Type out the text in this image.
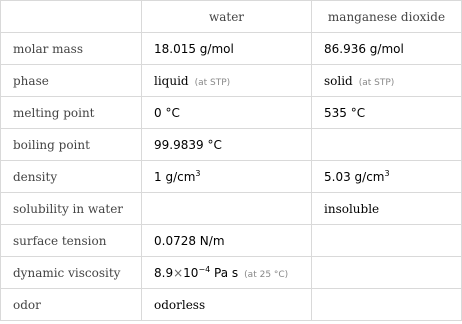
	water	manganese dioxide
molar mass	18.015 g/mol	86.936 g/mol
phase	liquid (at STP)	solid (at STP)
melting point	0 °C	535 °C
boiling point	99.9839 °C	
density	1 $g/cm^3$	5.03 $g/cm^3$
solubility in water		insoluble
surface tension	0.0728 N/m	
dynamic viscosity	$8.9\times 10^{-4}$ Pa s (at 25 °C)	
odor	odorless	
